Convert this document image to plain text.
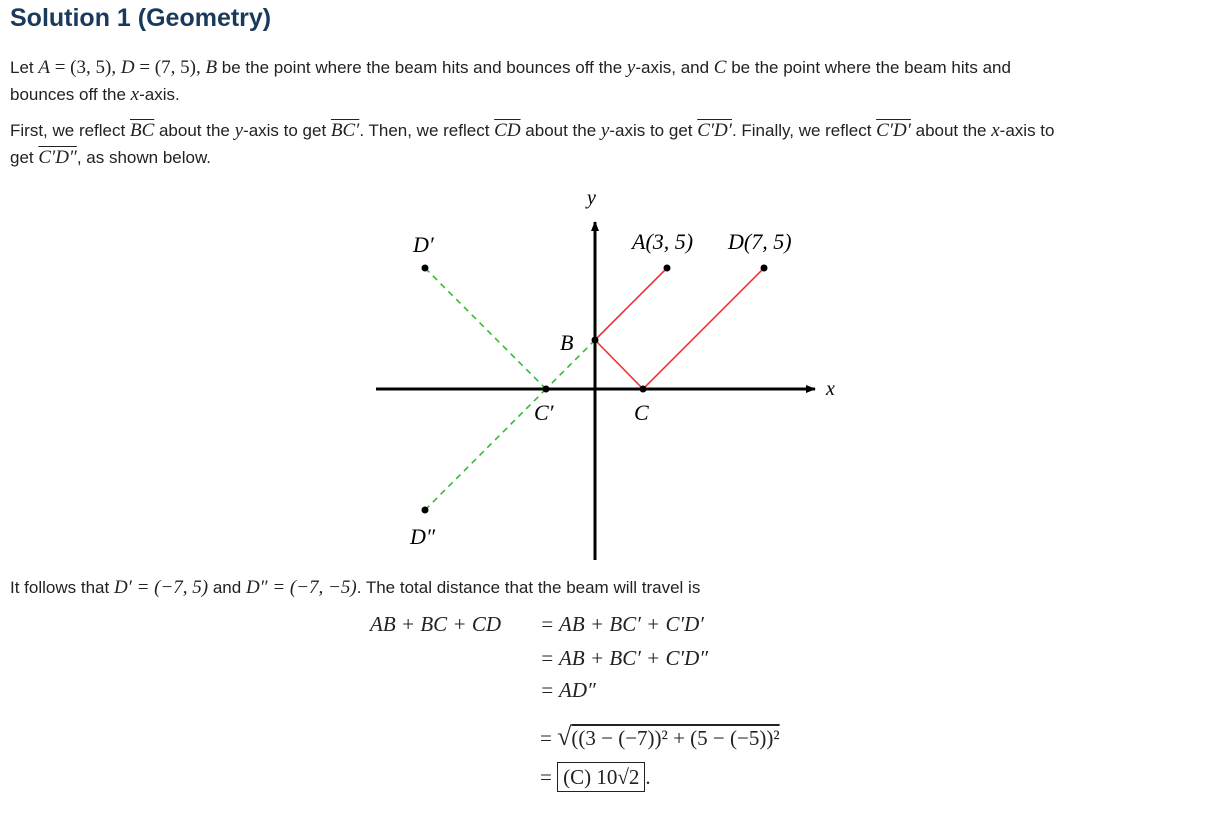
Solution 1 (Geometry)

Let A = (3, 5), D = (7, 5), B be the point where the beam hits and bounces off the y-axis, and C be the point where the beam hits and
bounces off the x-axis.

First, we reflect $\overline{BC}$ about the y-axis to get BC′. Then, we reflect $\overline{CD}$ about the y-axis to get C′D′. Finally, we reflect C′D′ about the x-axis to
get C′D″, as shown below.

y
x
A(3, 5) D(7, 5)
D′
D″
B
C
C′

It follows that D′ = (−7, 5) and D″ = (−7, −5). The total distance that the beam will travel is

AB + BC + CD = AB + BC′ + C′D′
= AB + BC′ + C′D″
= AD″
= √((3 − (−7))² + (5 − (−5))²
= (C) 10√2 .
